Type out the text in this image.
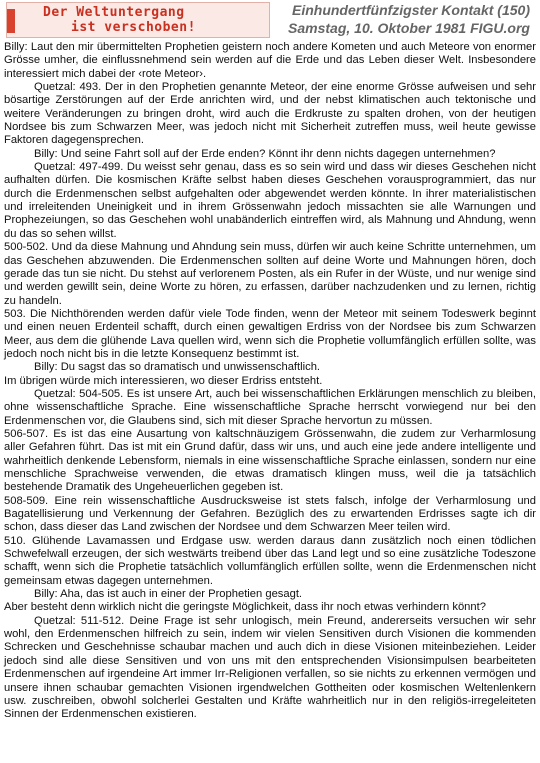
Der Weltuntergang
ist verschoben!
Einhundertfünfzigster Kontakt (150)
Samstag, 10. Oktober 1981 FIGU.org

Billy: Laut den mir übermittelten Prophetien geistern noch andere Kometen und auch Meteore von enormer Grösse umher, die einflussnehmend sein werden auf die Erde und das Leben dieser Welt. Insbesondere interessiert mich dabei der ‹rote Meteor›.

Quetzal: 493. Der in den Prophetien genannte Meteor, der eine enorme Grösse aufweisen und sehr bösartige Zerstörungen auf der Erde anrichten wird, und der nebst klimatischen auch tektonische und weitere Veränderungen zu bringen droht, wird auch die Erdkruste zu spalten drohen, von der heutigen Nordsee bis zum Schwarzen Meer, was jedoch nicht mit Sicherheit zutreffen muss, weil heute gewisse Faktoren dagegensprechen.

Billy: Und seine Fahrt soll auf der Erde enden? Könnt ihr denn nichts dagegen unternehmen?

Quetzal: 497-499. Du weisst sehr genau, dass es so sein wird und dass wir dieses Geschehen nicht aufhalten dürfen. Die kosmischen Kräfte selbst haben dieses Geschehen vorausprogrammiert, das nur durch die Erdenmenschen selbst aufgehalten oder abgewendet werden könnte. In ihrer materialistischen und irreleitenden Uneinigkeit und in ihrem Grössenwahn jedoch missachten sie alle Warnungen und Prophezeiungen, so das Geschehen wohl unabänderlich eintreffen wird, als Mahnung und Ahndung, wenn du das so sehen willst.

500-502. Und da diese Mahnung und Ahndung sein muss, dürfen wir auch keine Schritte unternehmen, um das Geschehen abzuwenden. Die Erdenmenschen sollten auf deine Worte und Mahnungen hören, doch gerade das tun sie nicht. Du stehst auf verlorenem Posten, als ein Rufer in der Wüste, und nur wenige sind und werden gewillt sein, deine Worte zu hören, zu erfassen, darüber nachzudenken und zu lernen, richtig zu handeln.

503. Die Nichthörenden werden dafür viele Tode finden, wenn der Meteor mit seinem Todeswerk beginnt und einen neuen Erdenteil schafft, durch einen gewaltigen Erdriss von der Nordsee bis zum Schwarzen Meer, aus dem die glühende Lava quellen wird, wenn sich die Prophetie vollumfänglich erfüllen sollte, was jedoch noch nicht bis in die letzte Konsequenz bestimmt ist.

Billy: Du sagst das so dramatisch und unwissenschaftlich.

Im übrigen würde mich interessieren, wo dieser Erdriss entsteht.

Quetzal: 504-505. Es ist unsere Art, auch bei wissenschaftlichen Erklärungen menschlich zu bleiben, ohne wissenschaftliche Sprache. Eine wissenschaftliche Sprache herrscht vorwiegend nur bei den Erdenmenschen vor, die Glaubens sind, sich mit dieser Sprache hervortun zu müssen.

506-507. Es ist das eine Ausartung von kaltschnäuzigem Grössenwahn, die zudem zur Verharmlosung aller Gefahren führt. Das ist mit ein Grund dafür, dass wir uns, und auch eine jede andere intelligente und wahrheitlich denkende Lebensform, niemals in eine wissenschaftliche Sprache einlassen, sondern nur eine menschliche Sprachweise verwenden, die etwas dramatisch klingen muss, weil die ja tatsächlich bestehende Dramatik des Ungeheuerlichen gegeben ist.

508-509. Eine rein wissenschaftliche Ausdrucksweise ist stets falsch, infolge der Verharmlosung und Bagatellisierung und Verkennung der Gefahren. Bezüglich des zu erwartenden Erdrisses sagte ich dir schon, dass dieser das Land zwischen der Nordsee und dem Schwarzen Meer teilen wird.

510. Glühende Lavamassen und Erdgase usw. werden daraus dann zusätzlich noch einen tödlichen Schwefelwall erzeugen, der sich westwärts treibend über das Land legt und so eine zusätzliche Todeszone schafft, wenn sich die Prophetie tatsächlich vollumfänglich erfüllen sollte, wenn die Erdenmenschen nicht gemeinsam etwas dagegen unternehmen.

Billy: Aha, das ist auch in einer der Prophetien gesagt.

Aber besteht denn wirklich nicht die geringste Möglichkeit, dass ihr noch etwas verhindern könnt?

Quetzal: 511-512. Deine Frage ist sehr unlogisch, mein Freund, andererseits versuchen wir sehr wohl, den Erdenmenschen hilfreich zu sein, indem wir vielen Sensitiven durch Visionen die kommenden Schrecken und Geschehnisse schaubar machen und auch dich in diese Visionen miteinbeziehen. Leider jedoch sind alle diese Sensitiven und von uns mit den entsprechenden Visionsimpulsen bearbeiteten Erdenmenschen auf irgendeine Art immer Irr-Religionen verfallen, so sie nichts zu erkennen vermögen und unsere ihnen schaubar gemachten Visionen irgendwelchen Gottheiten oder kosmischen Weltenlenkern usw. zuschreiben, obwohl solcherlei Gestalten und Kräfte wahrheitlich nur in den religiös-irregeleiteten Sinnen der Erdenmenschen existieren.
